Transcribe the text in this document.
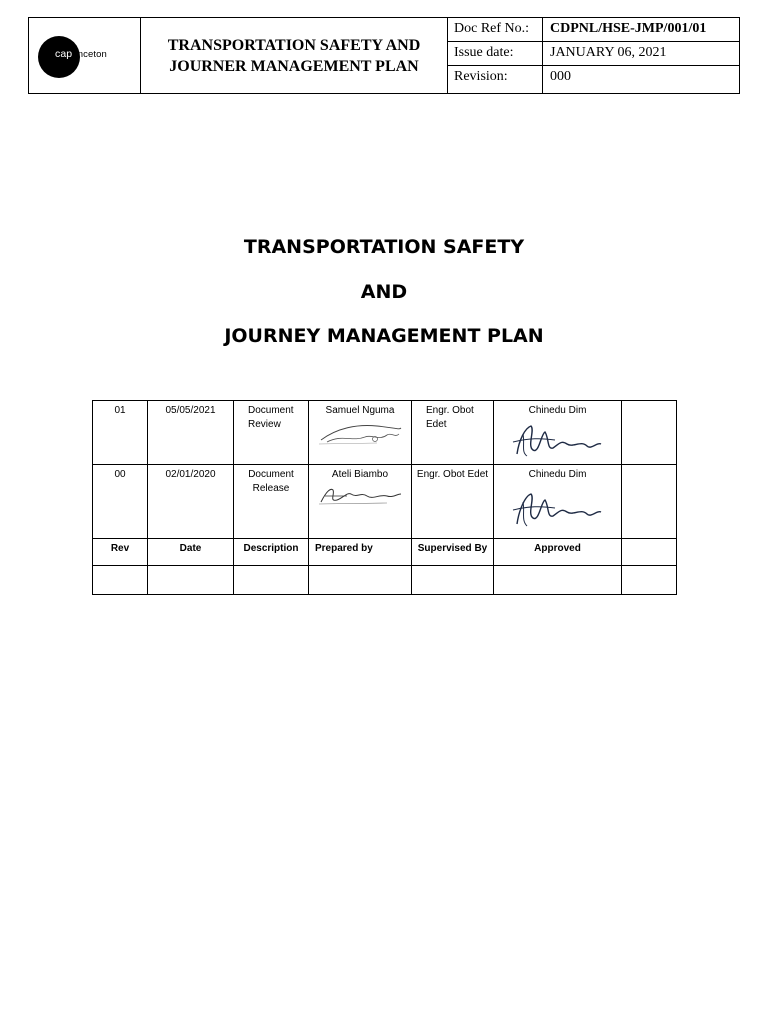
caprinceton
TRANSPORTATION SAFETY AND
JOURNER MANAGEMENT PLAN
Doc Ref No.:	CDPNL/HSE-JMP/001/01
Issue date:	JANUARY 06, 2021
Revision:	000
TRANSPORTATION SAFETY
AND
JOURNEY MANAGEMENT PLAN
01	05/05/2021	Document Review	Samuel Nguma	Engr. Obot Edet	Chinedu Dim	

00	02/01/2020	Document Release	Ateli Biambo	Engr. Obot Edet	Chinedu Dim	

Rev	Date	Description	Prepared by	Supervised By	Approved	
